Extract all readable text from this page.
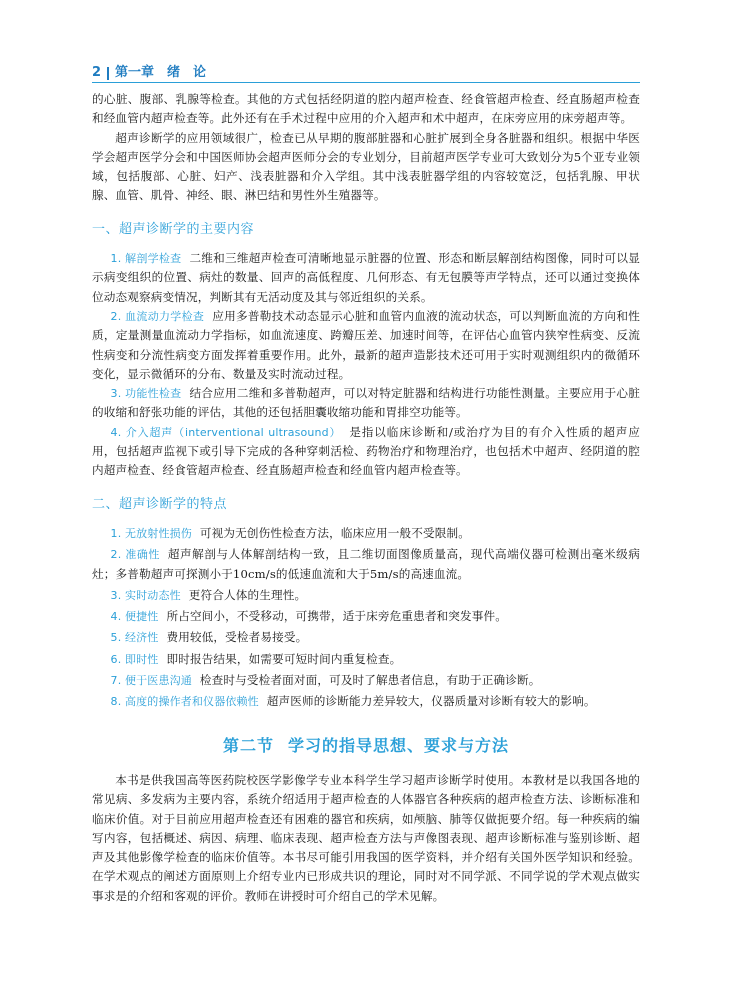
2 第一章　绪　论

的心脏、腹部、乳腺等检查。其他的方式包括经阴道的腔内超声检查、经食管超声检查、经直肠超声检查和经血管内超声检查等。此外还有在手术过程中应用的介入超声和术中超声，在床旁应用的床旁超声等。

超声诊断学的应用领域很广，检查已从早期的腹部脏器和心脏扩展到全身各脏器和组织。根据中华医学会超声医学分会和中国医师协会超声医师分会的专业划分，目前超声医学专业可大致划分为5个亚专业领域，包括腹部、心脏、妇产、浅表脏器和介入学组。其中浅表脏器学组的内容较宽泛，包括乳腺、甲状腺、血管、肌骨、神经、眼、淋巴结和男性外生殖器等。

一、超声诊断学的主要内容

1. 解剖学检查 二维和三维超声检查可清晰地显示脏器的位置、形态和断层解剖结构图像，同时可以显示病变组织的位置、病灶的数量、回声的高低程度、几何形态、有无包膜等声学特点，还可以通过变换体位动态观察病变情况，判断其有无活动度及其与邻近组织的关系。

2. 血流动力学检查 应用多普勒技术动态显示心脏和血管内血液的流动状态，可以判断血流的方向和性质，定量测量血流动力学指标，如血流速度、跨瓣压差、加速时间等，在评估心血管内狭窄性病变、反流性病变和分流性病变方面发挥着重要作用。此外，最新的超声造影技术还可用于实时观测组织内的微循环变化，显示微循环的分布、数量及实时流动过程。

3. 功能性检查 结合应用二维和多普勒超声，可以对特定脏器和结构进行功能性测量。主要应用于心脏的收缩和舒张功能的评估，其他的还包括胆囊收缩功能和胃排空功能等。

4. 介入超声（interventional ultrasound） 是指以临床诊断和/或治疗为目的有介入性质的超声应用，包括超声监视下或引导下完成的各种穿刺活检、药物治疗和物理治疗，也包括术中超声、经阴道的腔内超声检查、经食管超声检查、经直肠超声检查和经血管内超声检查等。

二、超声诊断学的特点

1. 无放射性损伤 可视为无创伤性检查方法，临床应用一般不受限制。

2. 准确性 超声解剖与人体解剖结构一致，且二维切面图像质量高，现代高端仪器可检测出毫米级病灶；多普勒超声可探测小于10cm/s的低速血流和大于5m/s的高速血流。

3. 实时动态性 更符合人体的生理性。

4. 便捷性 所占空间小，不受移动，可携带，适于床旁危重患者和突发事件。

5. 经济性 费用较低，受检者易接受。

6. 即时性 即时报告结果，如需要可短时间内重复检查。

7. 便于医患沟通 检查时与受检者面对面，可及时了解患者信息，有助于正确诊断。

8. 高度的操作者和仪器依赖性 超声医师的诊断能力差异较大，仪器质量对诊断有较大的影响。

第二节 学习的指导思想、要求与方法

本书是供我国高等医药院校医学影像学专业本科学生学习超声诊断学时使用。本教材是以我国各地的常见病、多发病为主要内容，系统介绍适用于超声检查的人体器官各种疾病的超声检查方法、诊断标准和临床价值。对于目前应用超声检查还有困难的器官和疾病，如颅脑、肺等仅做扼要介绍。每一种疾病的编写内容，包括概述、病因、病理、临床表现、超声检查方法与声像图表现、超声诊断标准与鉴别诊断、超声及其他影像学检查的临床价值等。本书尽可能引用我国的医学资料，并介绍有关国外医学知识和经验。在学术观点的阐述方面原则上介绍专业内已形成共识的理论，同时对不同学派、不同学说的学术观点做实事求是的介绍和客观的评价。教师在讲授时可介绍自己的学术见解。
